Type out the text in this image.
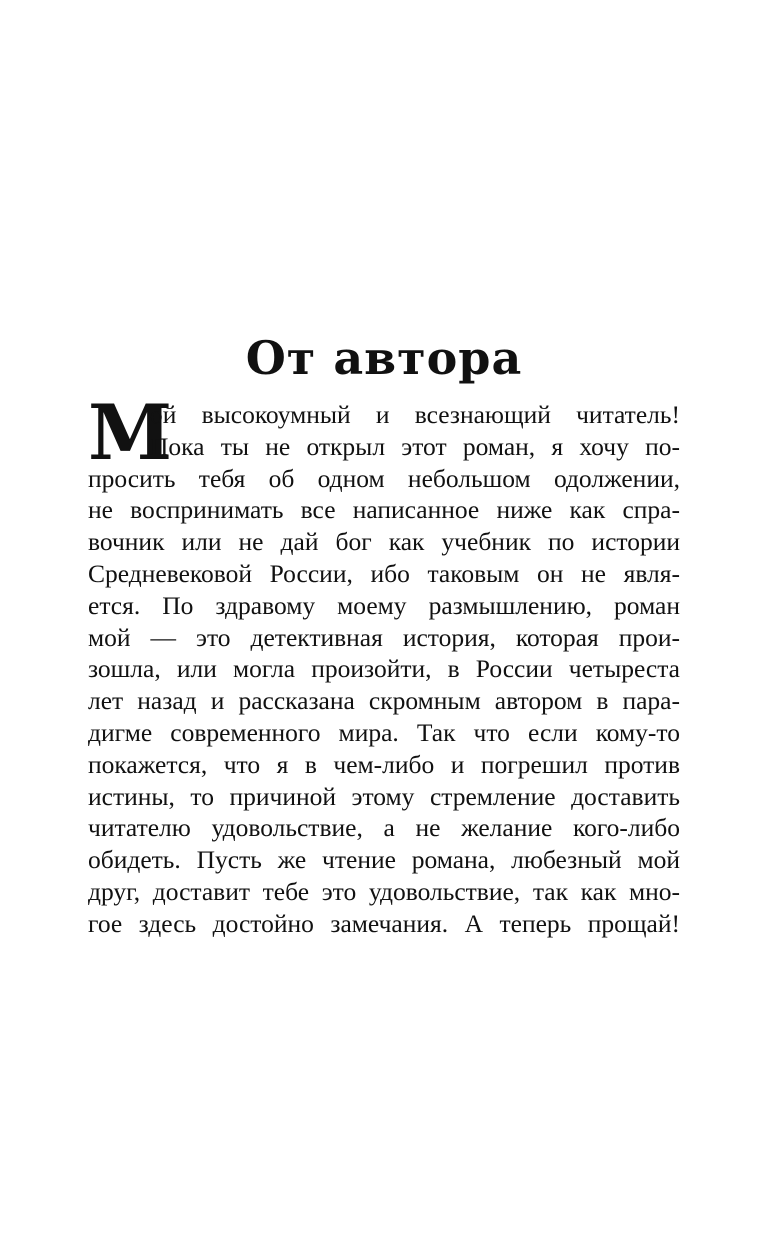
От автора
М
ой высокоумный и всезнающий читатель!
Пока ты не открыл этот роман, я хочу по-
просить тебя об одном небольшом одолжении,
не воспринимать все написанное ниже как спра-
вочник или не дай бог как учебник по истории
Средневековой России, ибо таковым он не явля-
ется. По здравому моему размышлению, роман
мой — это детективная история, которая прои-
зошла, или могла произойти, в России четыреста
лет назад и рассказана скромным автором в пара-
дигме современного мира. Так что если кому-то
покажется, что я в чем-либо и погрешил против
истины, то причиной этому стремление доставить
читателю удовольствие, а не желание кого-либо
обидеть. Пусть же чтение романа, любезный мой
друг, доставит тебе это удовольствие, так как мно-
гое здесь достойно замечания. А теперь прощай!
